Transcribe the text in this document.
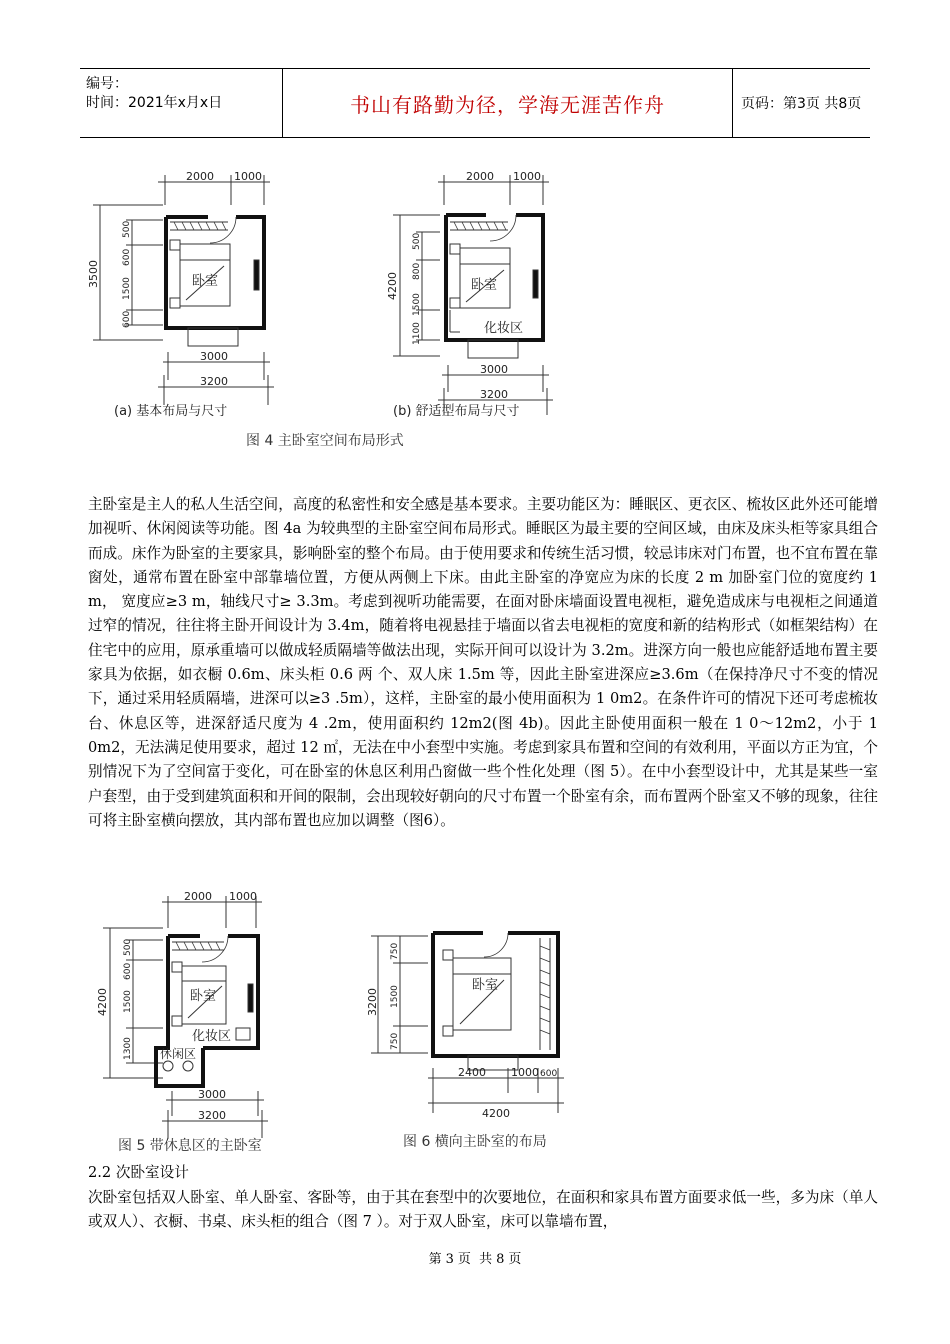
编号：
时间：2021年x月x日	书山有路勤为径，学海无涯苦作舟	页码：第3页 共8页
2000 1000
3500
500
600
1500
600
卧室
3000
3200
(a) 基本布局与尺寸
2000 1000
4200
500
800
1500
1100
卧室
化妆区
3000
3200
(b) 舒适型布局与尺寸
图 4 主卧室空间布局形式

主卧室是主人的私人生活空间，高度的私密性和安全感是基本要求。主要功能区为：睡眠区、更衣区、梳妆区此外还可能增加视听、休闲阅读等功能。图 4a 为较典型的主卧室空间布局形式。睡眠区为最主要的空间区域，由床及床头柜等家具组合而成。床作为卧室的主要家具，影响卧室的整个布局。由于使用要求和传统生活习惯，较忌讳床对门布置，也不宜布置在靠窗处，通常布置在卧室中部靠墙位置，方便从两侧上下床。由此主卧室的净宽应为床的长度 2 m 加卧室门位的宽度约 1 m， 宽度应≥3 m，轴线尺寸≥ 3.3m。考虑到视听功能需要，在面对卧床墙面设置电视柜，避免造成床与电视柜之间通道过窄的情况，往往将主卧开间设计为 3.4m，随着将电视悬挂于墙面以省去电视柜的宽度和新的结构形式（如框架结构）在住宅中的应用，原承重墙可以做成轻质隔墙等做法出现，实际开间可以设计为 3.2m。进深方向一般也应能舒适地布置主要家具为依据，如衣橱 0.6m、床头柜 0.6 两 个、双人床 1.5m 等，因此主卧室进深应≥3.6m（在保持净尺寸不变的情况下，通过采用轻质隔墙，进深可以≥3 .5m），这样，主卧室的最小使用面积为 1 0m2。在条件许可的情况下还可考虑梳妆台、休息区等，进深舒适尺度为 4 .2m，使用面积约 12m2(图 4b)。因此主卧使用面积一般在 1 0～12m2，小于 1 0m2，无法满足使用要求，超过 12 ㎡，无法在中小套型中实施。考虑到家具布置和空间的有效利用，平面以方正为宜，个别情况下为了空间富于变化，可在卧室的休息区利用凸窗做一些个性化处理（图 5）。在中小套型设计中，尤其是某些一室户套型，由于受到建筑面积和开间的限制，会出现较好朝向的尺寸布置一个卧室有余，而布置两个卧室又不够的现象，往往可将主卧室横向摆放，其内部布置也应加以调整（图6）。

2000 1000
4200
500
600
1500
1300
卧室
化妆区
休闲区
3000
3200
3200
750
1500
750
卧室
2400 1000 600
4200
图 5 带休息区的主卧室	图 6 横向主卧室的布局
2.2 次卧室设计

次卧室包括双人卧室、单人卧室、客卧等，由于其在套型中的次要地位，在面积和家具布置方面要求低一些，多为床（单人或双人）、衣橱、书桌、床头柜的组合（图 7 ）。对于双人卧室，床可以靠墙布置，

第 3 页 共 8 页
